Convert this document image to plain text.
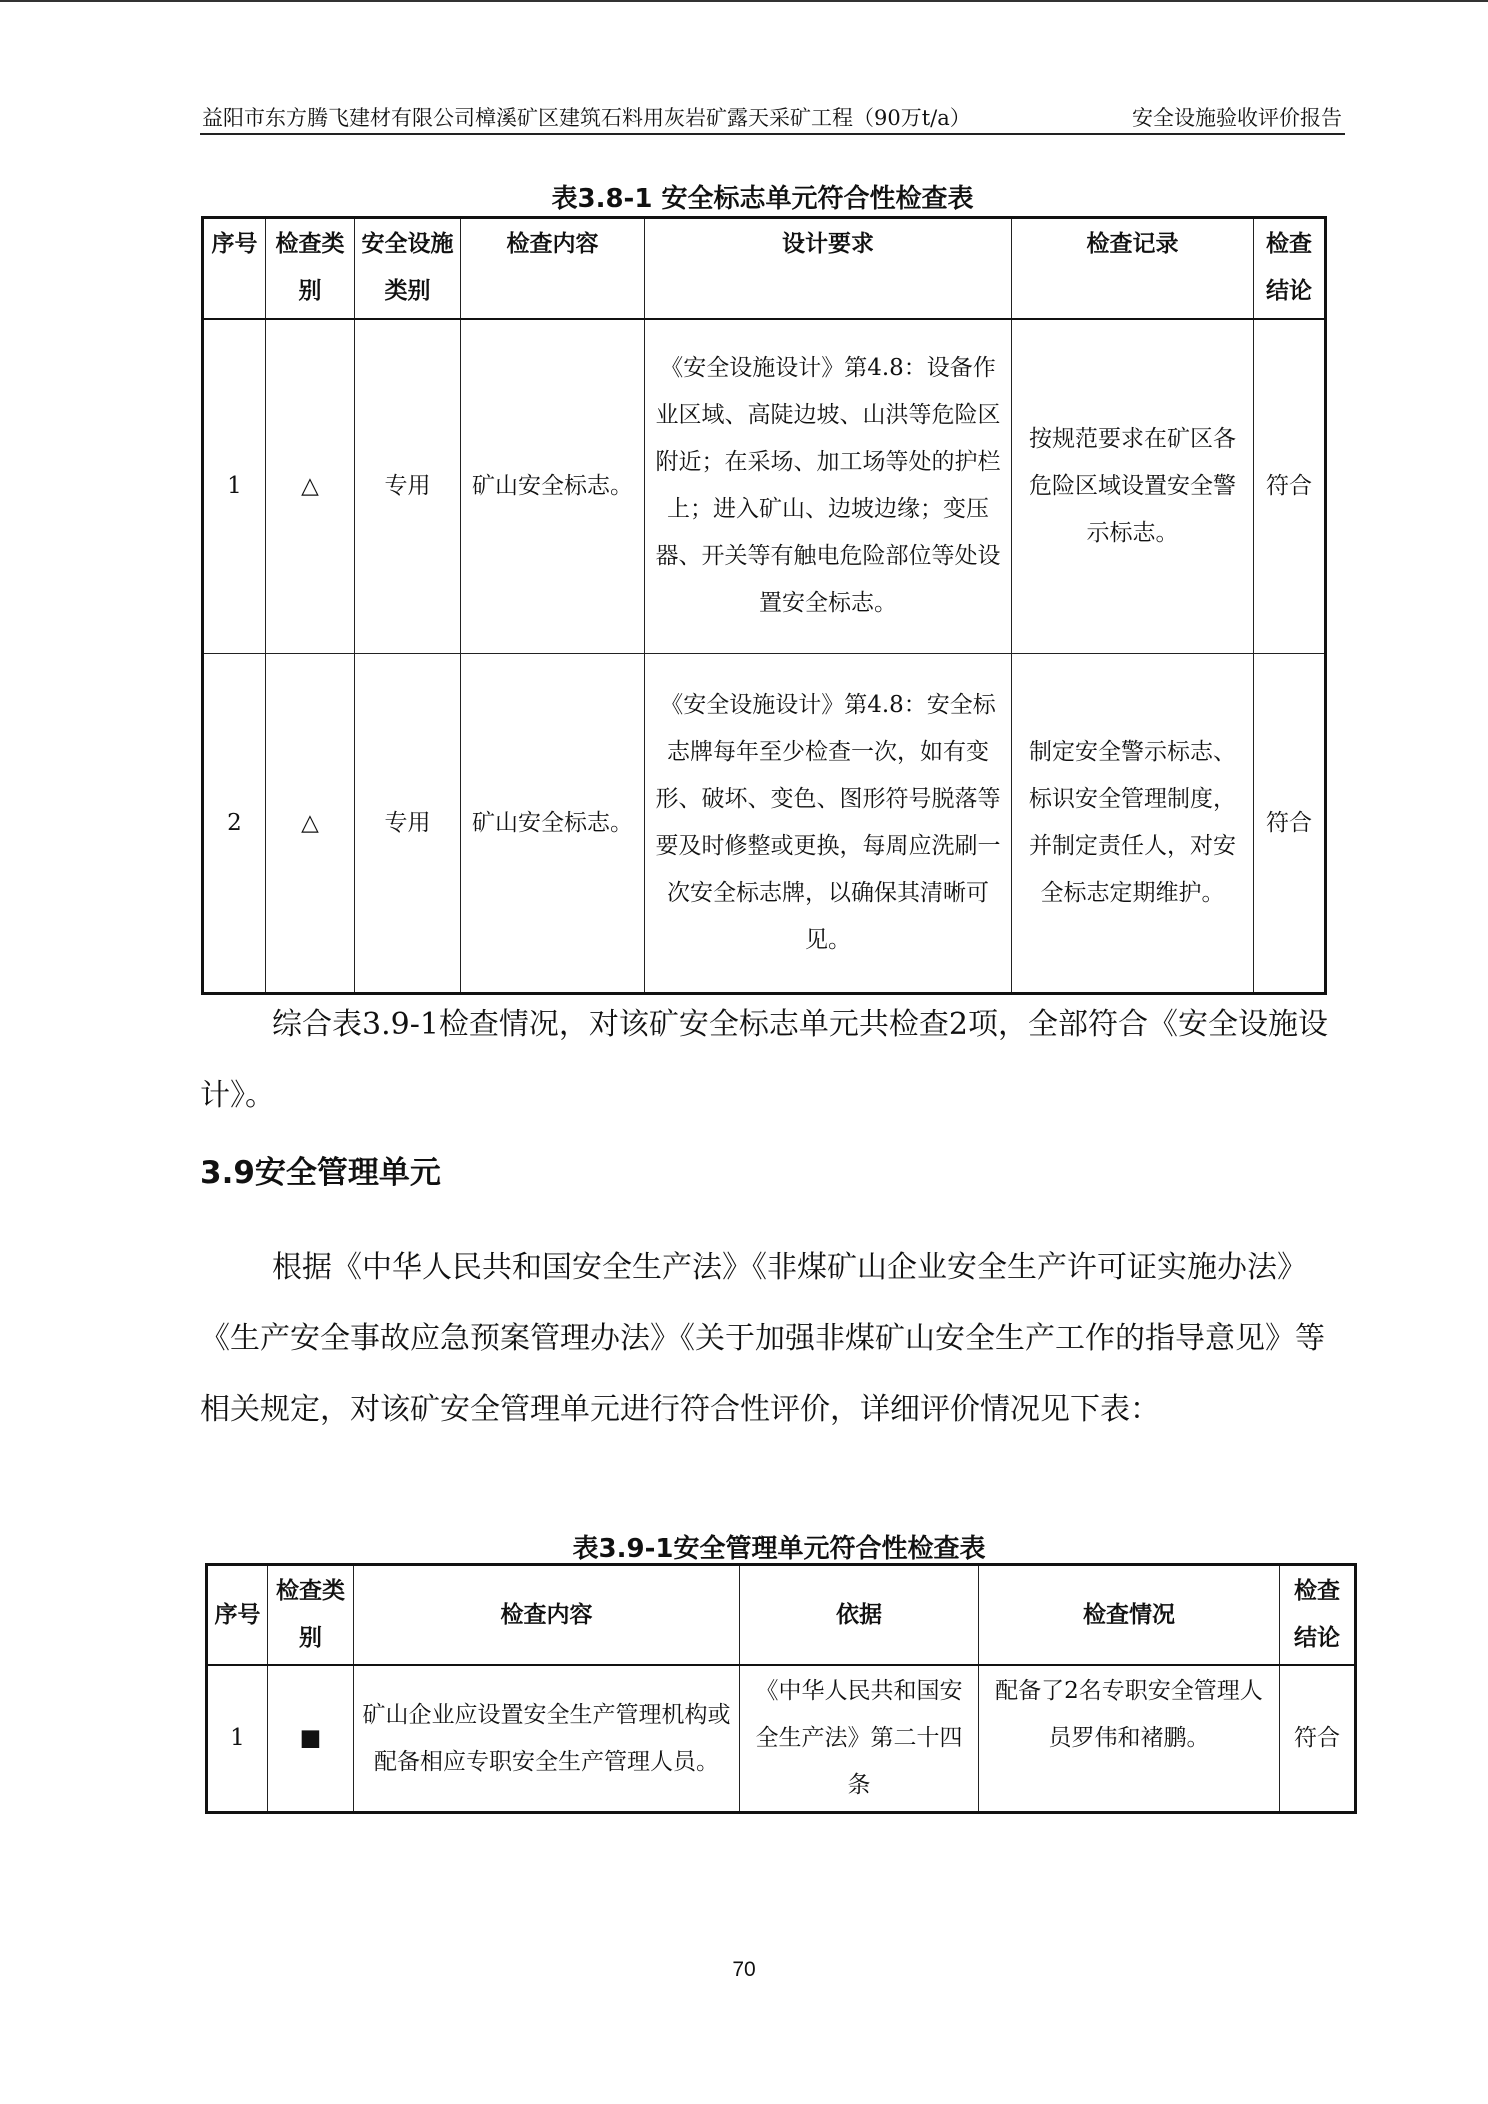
益阳市东方腾飞建材有限公司樟溪矿区建筑石料用灰岩矿露天采矿工程（90万t/a）	安全设施验收评价报告
表3.8-1 安全标志单元符合性检查表
序号	检查类别	安全设施类别	检查内容	设计要求	检查记录	检查结论
1	△	专用	矿山安全标志。	《安全设施设计》第4.8：设备作业区域、高陡边坡、山洪等危险区附近；在采场、加工场等处的护栏上；进入矿山、边坡边缘；变压器、开关等有触电危险部位等处设置安全标志。	按规范要求在矿区各危险区域设置安全警示标志。	符合
2	△	专用	矿山安全标志。	《安全设施设计》第4.8：安全标志牌每年至少检查一次，如有变形、破坏、变色、图形符号脱落等要及时修整或更换，每周应洗刷一次安全标志牌，以确保其清晰可见。	制定安全警示标志、标识安全管理制度，并制定责任人，对安全标志定期维护。	符合
综合表3.9-1检查情况，对该矿安全标志单元共检查2项，全部符合《安全设施设计》。
3.9安全管理单元
根据《中华人民共和国安全生产法》《非煤矿山企业安全生产许可证实施办法》《生产安全事故应急预案管理办法》《关于加强非煤矿山安全生产工作的指导意见》等相关规定，对该矿安全管理单元进行符合性评价，详细评价情况见下表：
表3.9-1安全管理单元符合性检查表
序号	检查类别	检查内容	依据	检查情况	检查结论
1	■	矿山企业应设置安全生产管理机构或配备相应专职安全生产管理人员。	《中华人民共和国安全生产法》第二十四条	配备了2名专职安全管理人员罗伟和褚鹏。	符合
70
